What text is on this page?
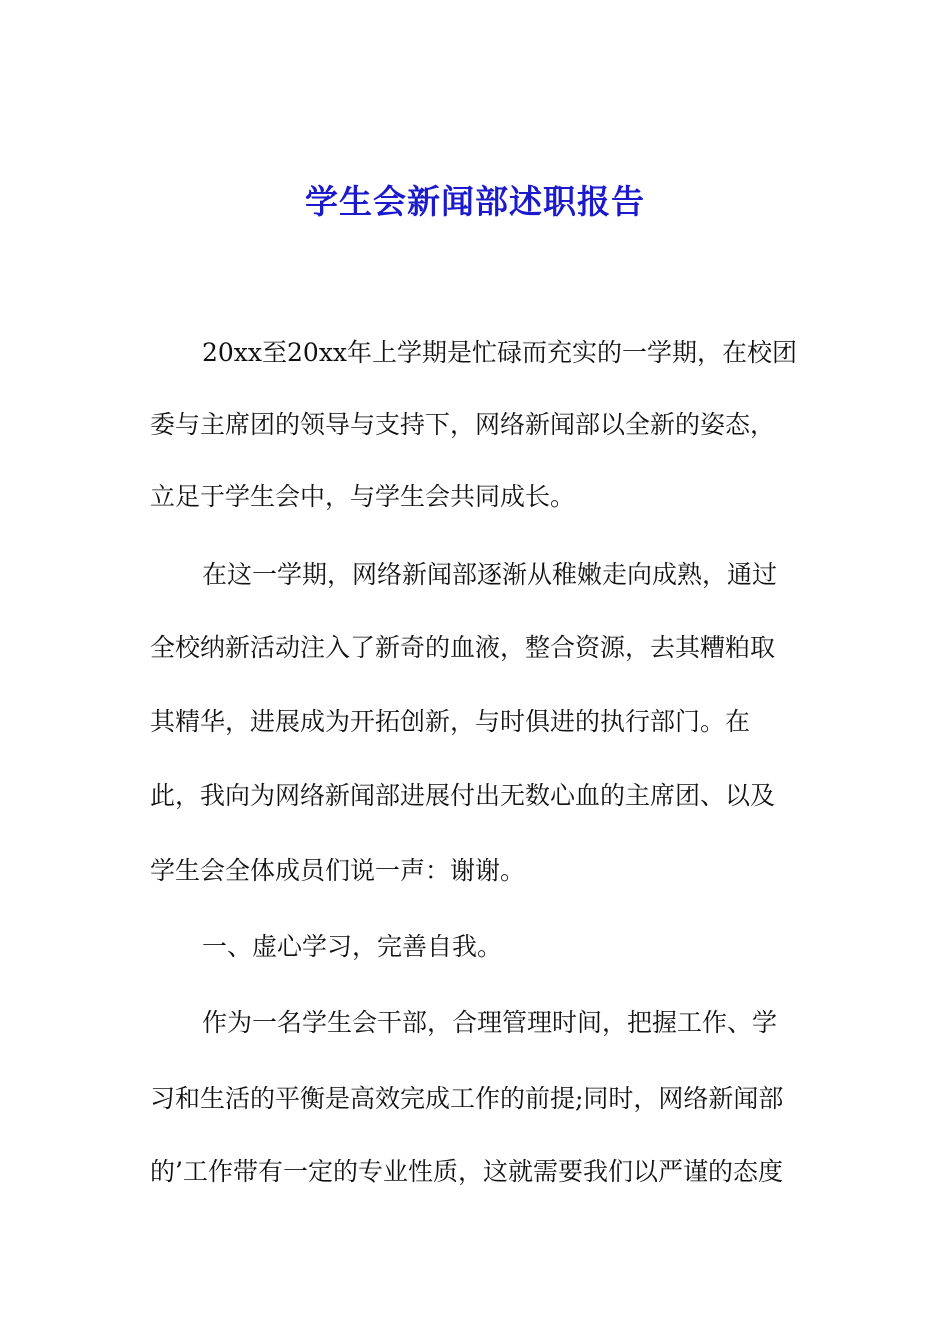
学生会新闻部述职报告
20xx至20xx年上学期是忙碌而充实的一学期，在校团
委与主席团的领导与支持下，网络新闻部以全新的姿态，
立足于学生会中，与学生会共同成长。
在这一学期，网络新闻部逐渐从稚嫩走向成熟，通过
全校纳新活动注入了新奇的血液，整合资源，去其糟粕取
其精华，进展成为开拓创新，与时俱进的执行部门。在
此，我向为网络新闻部进展付出无数心血的主席团、以及
学生会全体成员们说一声：谢谢。
一、虚心学习，完善自我。
作为一名学生会干部，合理管理时间，把握工作、学
习和生活的平衡是高效完成工作的前提;同时，网络新闻部
的’工作带有一定的专业性质，这就需要我们以严谨的态度
